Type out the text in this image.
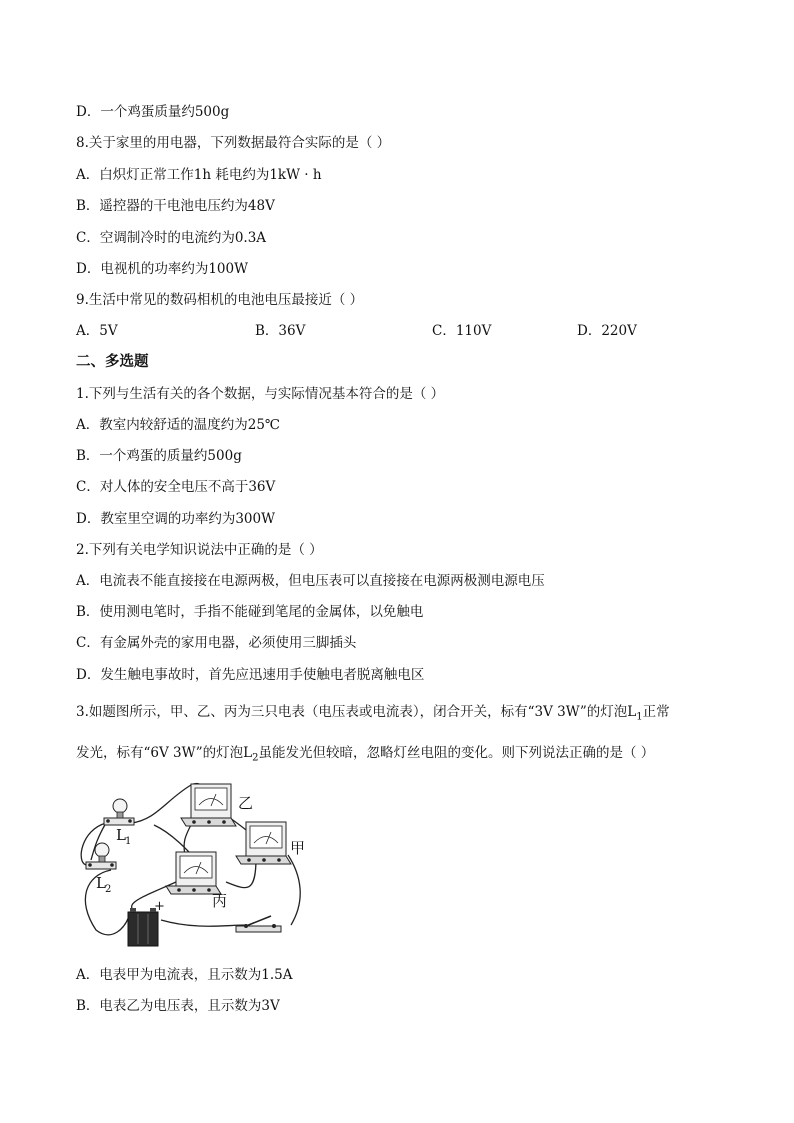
D．一个鸡蛋质量约500g
8.关于家里的用电器，下列数据最符合实际的是（ ）
A．白炽灯正常工作1h 耗电约为1kW · h
B．遥控器的干电池电压约为48V
C．空调制冷时的电流约为0.3A
D．电视机的功率约为100W
9.生活中常见的数码相机的电池电压最接近（ ）
A．5V	B．36V	C．110V	D．220V
二、多选题
1.下列与生活有关的各个数据，与实际情况基本符合的是（ ）
A．教室内较舒适的温度约为25℃
B．一个鸡蛋的质量约500g
C．对人体的安全电压不高于36V
D．教室里空调的功率约为300W
2.下列有关电学知识说法中正确的是（ ）
A．电流表不能直接接在电源两极，但电压表可以直接接在电源两极测电源电压
B．使用测电笔时，手指不能碰到笔尾的金属体，以免触电
C．有金属外壳的家用电器，必须使用三脚插头
D．发生触电事故时，首先应迅速用手使触电者脱离触电区
3.如题图所示，甲、乙、丙为三只电表（电压表或电流表），闭合开关，标有“3V 3W”的灯泡$L_1$正常
发光，标有“6V 3W”的灯泡$L_2$虽能发光但较暗，忽略灯丝电阻的变化。则下列说法正确的是（ ）
L 1
L 2
乙
甲
丙
+
A．电表甲为电流表，且示数为1.5A
B．电表乙为电压表，且示数为3V
